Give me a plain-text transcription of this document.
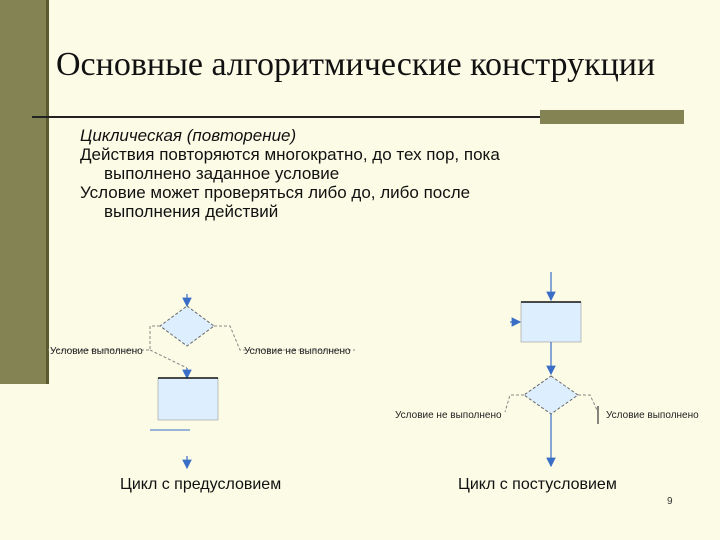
Основные алгоритмические конструкции

Циклическая (повторение)

Действия повторяются многократно, до тех пор, пока

выполнено заданное условие

Условие может проверяться либо до, либо после

выполнения действий

Условие выполнено	Условие не выполнено
Условие не выполнено	Условие выполнено
Цикл с предусловием	Цикл с постусловием
9
